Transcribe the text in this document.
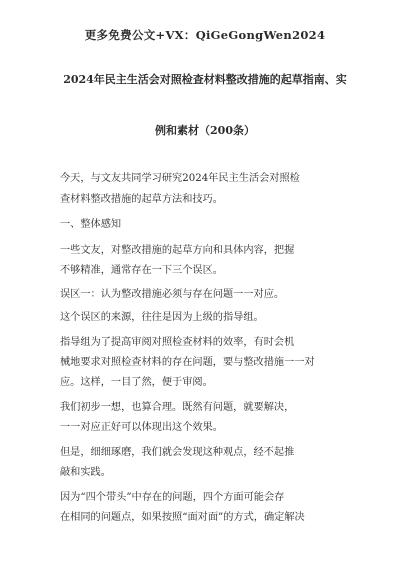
更多免费公文+VX：QiGeGongWen2024
2024年民主生活会对照检查材料整改措施的起草指南、实
例和素材（200条）
今天，与文友共同学习研究2024年民主生活会对照检
查材料整改措施的起草方法和技巧。
一、整体感知
一些文友，对整改措施的起草方向和具体内容，把握
不够精准，通常存在一下三个误区。
误区一：认为整改措施必须与存在问题一一对应。
这个误区的来源，往往是因为上级的指导组。
指导组为了提高审阅对照检查材料的效率，有时会机
械地要求对照检查材料的存在问题，要与整改措施一一对
应。这样，一目了然，便于审阅。
我们初步一想，也算合理。既然有问题，就要解决，
一一对应正好可以体现出这个效果。
但是，细细琢磨，我们就会发现这种观点，经不起推
敲和实践。
因为“四个带头”中存在的问题，四个方面可能会存
在相同的问题点，如果按照“面对面”的方式，确定解决
